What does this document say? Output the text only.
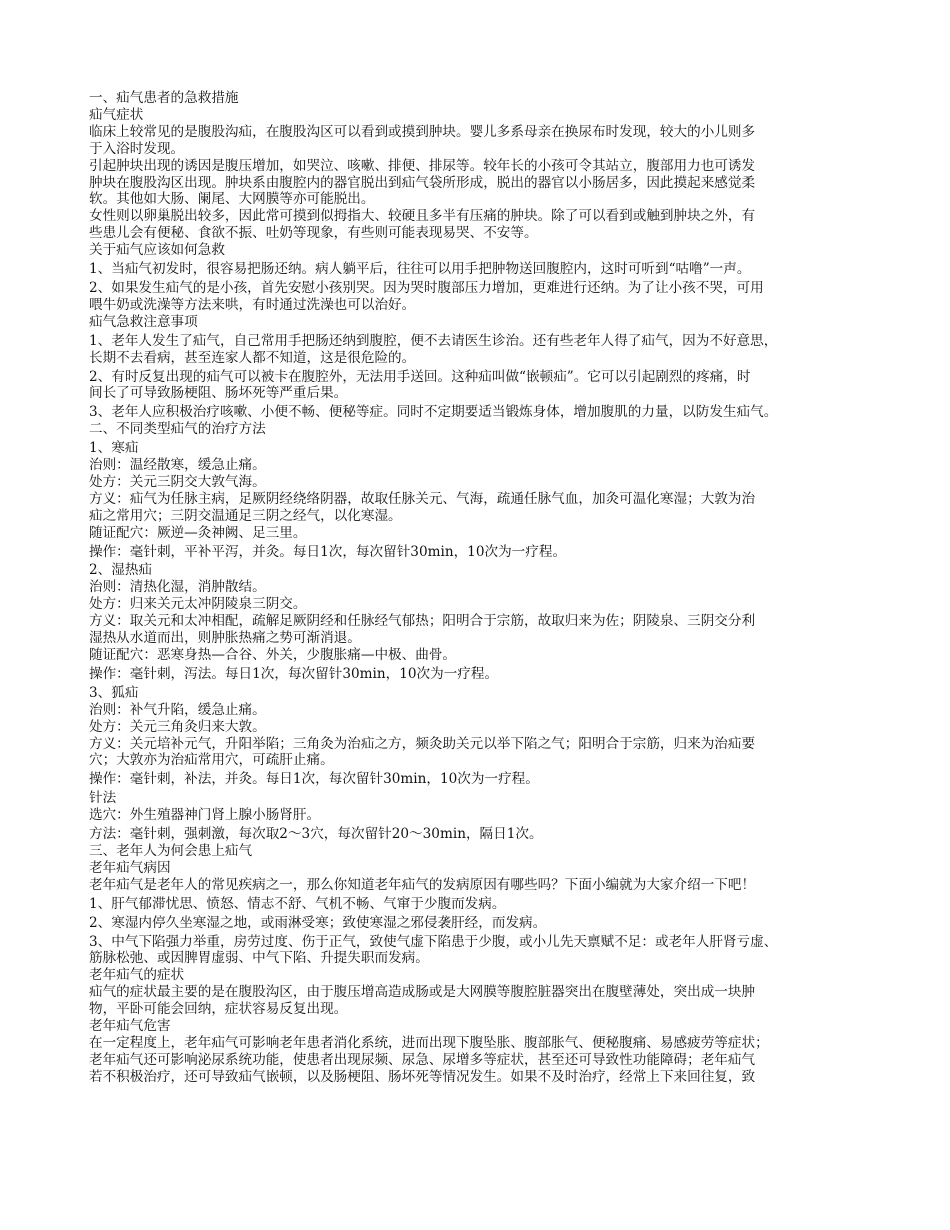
一、疝气患者的急救措施
疝气症状
临床上较常见的是腹股沟疝，在腹股沟区可以看到或摸到肿块。婴儿多系母亲在换尿布时发现，较大的小儿则多
于入浴时发现。
引起肿块出现的诱因是腹压增加，如哭泣、咳嗽、排便、排尿等。较年长的小孩可令其站立，腹部用力也可诱发
肿块在腹股沟区出现。肿块系由腹腔内的器官脱出到疝气袋所形成，脱出的器官以小肠居多，因此摸起来感觉柔
软。其他如大肠、阑尾、大网膜等亦可能脱出。
女性则以卵巢脱出较多，因此常可摸到似拇指大、较硬且多半有压痛的肿块。除了可以看到或触到肿块之外，有
些患儿会有便秘、食欲不振、吐奶等现象，有些则可能表现易哭、不安等。
关于疝气应该如何急救
1、当疝气初发时，很容易把肠还纳。病人躺平后，往往可以用手把肿物送回腹腔内，这时可听到“咕噜”一声。
2、如果发生疝气的是小孩，首先安慰小孩别哭。因为哭时腹部压力增加，更难进行还纳。为了让小孩不哭，可用
喂牛奶或洗澡等方法来哄，有时通过洗澡也可以治好。
疝气急救注意事项
1、老年人发生了疝气，自己常用手把肠还纳到腹腔，便不去请医生诊治。还有些老年人得了疝气，因为不好意思，
长期不去看病，甚至连家人都不知道，这是很危险的。
2、有时反复出现的疝气可以被卡在腹腔外，无法用手送回。这种疝叫做“嵌顿疝”。它可以引起剧烈的疼痛，时
间长了可导致肠梗阻、肠坏死等严重后果。
3、老年人应积极治疗咳嗽、小便不畅、便秘等症。同时不定期要适当锻炼身体，增加腹肌的力量，以防发生疝气。
二、不同类型疝气的治疗方法
1、寒疝
治则：温经散寒，缓急止痛。
处方：关元三阴交大敦气海。
方义：疝气为任脉主病，足厥阴经绕络阴器，故取任脉关元、气海，疏通任脉气血，加灸可温化寒湿；大敦为治
疝之常用穴；三阴交温通足三阴之经气，以化寒湿。
随证配穴：厥逆—灸神阙、足三里。
操作：毫针刺，平补平泻，并灸。每日1次，每次留针30min，10次为一疗程。
2、湿热疝
治则：清热化湿，消肿散结。
处方：归来关元太冲阴陵泉三阴交。
方义：取关元和太冲相配，疏解足厥阴经和任脉经气郁热；阳明合于宗筋，故取归来为佐；阴陵泉、三阴交分利
湿热从水道而出，则肿胀热痛之势可渐消退。
随证配穴：恶寒身热—合谷、外关，少腹胀痛—中极、曲骨。
操作：毫针刺，泻法。每日1次，每次留针30min，10次为一疗程。
3、狐疝
治则：补气升陷，缓急止痛。
处方：关元三角灸归来大敦。
方义：关元培补元气，升阳举陷；三角灸为治疝之方，频灸助关元以举下陷之气；阳明合于宗筋，归来为治疝要
穴；大敦亦为治疝常用穴，可疏肝止痛。
操作：毫针刺，补法，并灸。每日1次，每次留针30min，10次为一疗程。
针法
选穴：外生殖器神门肾上腺小肠肾肝。
方法：毫针刺，强刺激，每次取2～3穴，每次留针20～30min，隔日1次。
三、老年人为何会患上疝气
老年疝气病因
老年疝气是老年人的常见疾病之一，那么你知道老年疝气的发病原因有哪些吗？下面小编就为大家介绍一下吧！
1、肝气郁滞忧思、愤怒、情志不舒、气机不畅、气窜于少腹而发病。
2、寒湿内停久坐寒湿之地，或雨淋受寒；致使寒湿之邪侵袭肝经，而发病。
3、中气下陷强力举重，房劳过度、伤于正气，致使气虚下陷患于少腹，或小儿先天禀赋不足：或老年人肝肾亏虚、
筋脉松弛、或因脾胃虚弱、中气下陷、升提失职而发病。
老年疝气的症状
疝气的症状最主要的是在腹股沟区，由于腹压增高造成肠或是大网膜等腹腔脏器突出在腹壁薄处，突出成一块肿
物，平卧可能会回纳，症状容易反复出现。
老年疝气危害
在一定程度上，老年疝气可影响老年患者消化系统，进而出现下腹坠胀、腹部胀气、便秘腹痛、易感疲劳等症状；
老年疝气还可影响泌尿系统功能，使患者出现尿频、尿急、尿增多等症状，甚至还可导致性功能障碍；老年疝气
若不积极治疗，还可导致疝气嵌顿，以及肠梗阻、肠坏死等情况发生。如果不及时治疗，经常上下来回往复，致
